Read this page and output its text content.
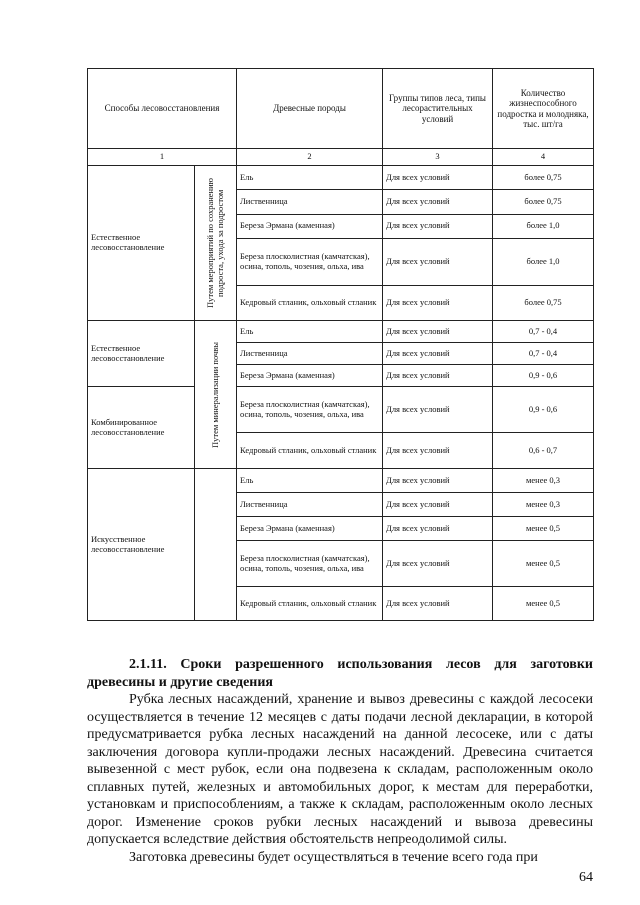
Способы лесовосстановления		Древесные породы	Группы типов леса, типы лесорастительных условий	Количество жизнеспособного подростка и молодняка, тыс. шт/га
1		2	3	4
Естественное лесовосстановление	Путем мероприятий по сохранению подроста, ухода за подростом	Ель	Для всех условий	более 0,75
		Лиственница	Для всех условий	более 0,75
		Береза Эрмана (каменная)	Для всех условий	более 1,0
		Береза плосколистная (камчатская), осина, тополь, чозения, ольха, ива	Для всех условий	более 1,0
		Кедровый стланик, ольховый стланик	Для всех условий	более 0,75
Естественное лесовосстановление	Путем минерализации почвы	Ель	Для всех условий	0,7 - 0,4
		Лиственница	Для всех условий	0,7 - 0,4
		Береза Эрмана (каменная)	Для всех условий	0,9 - 0,6
Комбинированное лесовосстановление		Береза плосколистная (камчатская), осина, тополь, чозения, ольха, ива	Для всех условий	0,9 - 0,6
		Кедровый стланик, ольховый стланик	Для всех условий	0,6 - 0,7
Искусственное лесовосстановление		Ель	Для всех условий	менее 0,3
		Лиственница	Для всех условий	менее 0,3
		Береза Эрмана (каменная)	Для всех условий	менее 0,5
		Береза плосколистная (камчатская), осина, тополь, чозения, ольха, ива	Для всех условий	менее 0,5
		Кедровый стланик, ольховый стланик	Для всех условий	менее 0,5
2.1.11. Сроки разрешенного использования лесов для заготовки древесины и другие сведения

Рубка лесных насаждений, хранение и вывоз древесины с каждой лесосеки осуществляется в течение 12 месяцев с даты подачи лесной декларации, в которой предусматривается рубка лесных насаждений на данной лесосеке, или с даты заключения договора купли-продажи лесных насаждений. Древесина считается вывезенной с мест рубок, если она подвезена к складам, расположенным около сплавных путей, железных и автомобильных дорог, к местам для переработки, установкам и приспособлениям, а также к складам, расположенным около лесных дорог. Изменение сроков рубки лесных насаждений и вывоза древесины допускается вследствие действия обстоятельств непреодолимой силы.

Заготовка древесины будет осуществляться в течение всего года при

64
